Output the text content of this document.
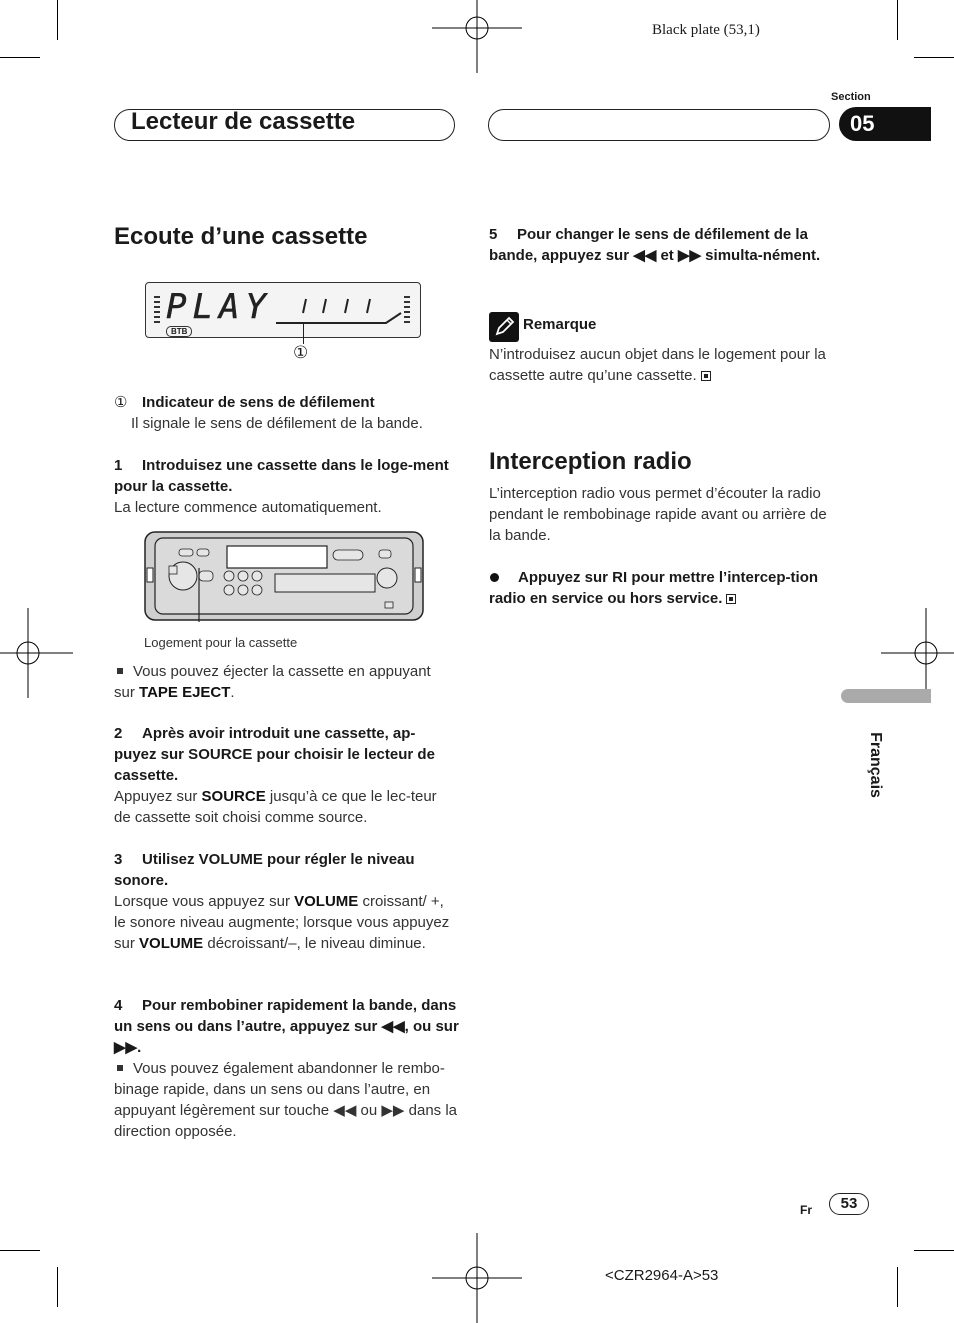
Black plate (53,1)
Lecteur de cassette
Section
05
Ecoute d’une cassette
PLAY
BTB
①
① Indicateur de sens de défilement
Il signale le sens de défilement de la bande.
1 Introduisez une cassette dans le loge-ment pour la cassette.
La lecture commence automatiquement.
Logement pour la cassette
Vous pouvez éjecter la cassette en appuyant sur TAPE EJECT.
2 Après avoir introduit une cassette, ap-puyez sur SOURCE pour choisir le lecteur de cassette.
Appuyez sur SOURCE jusqu’à ce que le lec-teur de cassette soit choisi comme source.
3 Utilisez VOLUME pour régler le niveau sonore.
Lorsque vous appuyez sur VOLUME croissant/ +, le sonore niveau augmente; lorsque vous appuyez sur VOLUME décroissant/–, le niveau diminue.
4 Pour rembobiner rapidement la bande, dans un sens ou dans l’autre, appuyez sur ◀◀, ou sur ▶▶.
Vous pouvez également abandonner le rembo-binage rapide, dans un sens ou dans l’autre, en appuyant légèrement sur touche ◀◀ ou ▶▶ dans la direction opposée.
5 Pour changer le sens de défilement de la bande, appuyez sur ◀◀ et ▶▶ simulta-nément.
Remarque
N’introduisez aucun objet dans le logement pour la cassette autre qu’une cassette.
Interception radio
L’interception radio vous permet d’écouter la radio pendant le rembobinage rapide avant ou arrière de la bande.
Appuyez sur RI pour mettre l’intercep-tion radio en service ou hors service.
Français
Fr	53
<CZR2964-A>53
